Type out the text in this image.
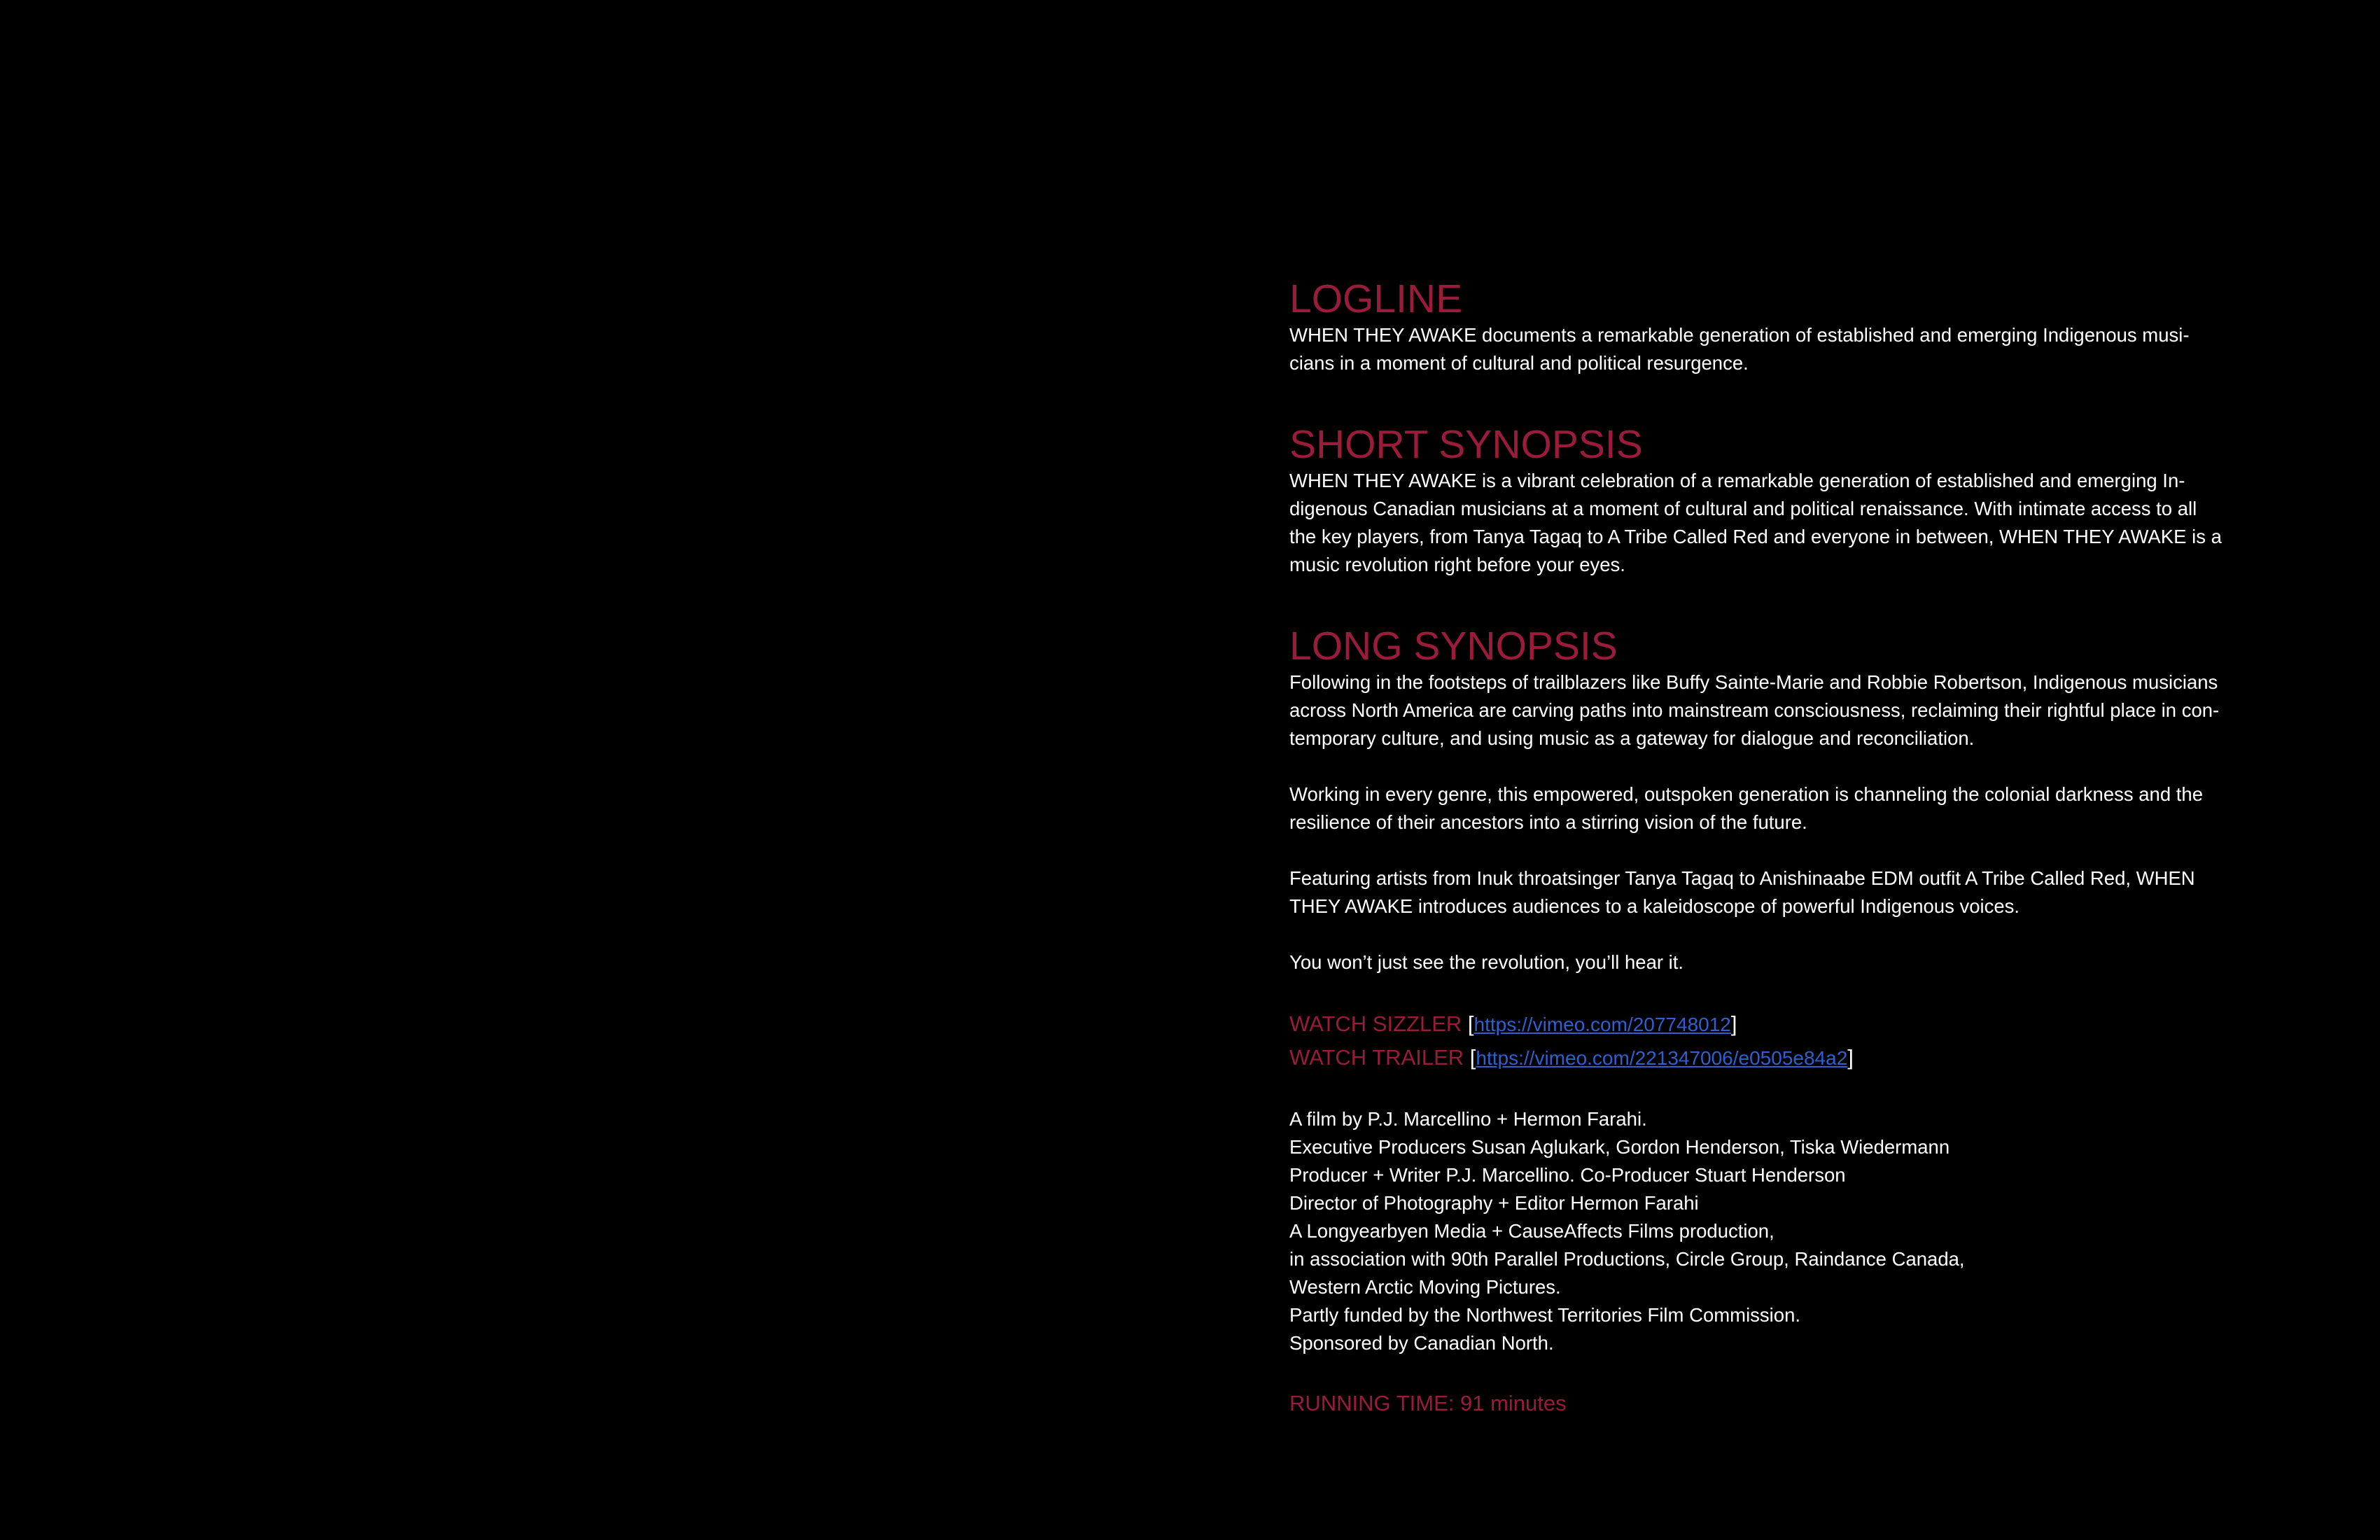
LOGLINE

WHEN THEY AWAKE documents a remarkable generation of established and emerging Indigenous musi-
cians in a moment of cultural and political resurgence.

SHORT SYNOPSIS

WHEN THEY AWAKE is a vibrant celebration of a remarkable generation of established and emerging In-
digenous Canadian musicians at a moment of cultural and political renaissance. With intimate access to all
the key players, from Tanya Tagaq to A Tribe Called Red and everyone in between, WHEN THEY AWAKE is a
music revolution right before your eyes.

LONG SYNOPSIS

Following in the footsteps of trailblazers like Buffy Sainte-Marie and Robbie Robertson, Indigenous musicians
across North America are carving paths into mainstream consciousness, reclaiming their rightful place in con-
temporary culture, and using music as a gateway for dialogue and reconciliation.

Working in every genre, this empowered, outspoken generation is channeling the colonial darkness and the
resilience of their ancestors into a stirring vision of the future.

Featuring artists from Inuk throatsinger Tanya Tagaq to Anishinaabe EDM outfit A Tribe Called Red, WHEN
THEY AWAKE introduces audiences to a kaleidoscope of powerful Indigenous voices.

You won’t just see the revolution, you’ll hear it.

WATCH SIZZLER [https://vimeo.com/207748012]
WATCH TRAILER [https://vimeo.com/221347006/e0505e84a2]

A film by P.J. Marcellino + Hermon Farahi.
Executive Producers Susan Aglukark, Gordon Henderson, Tiska Wiedermann
Producer + Writer P.J. Marcellino. Co-Producer Stuart Henderson
Director of Photography + Editor Hermon Farahi
A Longyearbyen Media + CauseAffects Films production,
in association with 90th Parallel Productions, Circle Group, Raindance Canada,
Western Arctic Moving Pictures.
Partly funded by the Northwest Territories Film Commission.
Sponsored by Canadian North.

RUNNING TIME: 91 minutes
